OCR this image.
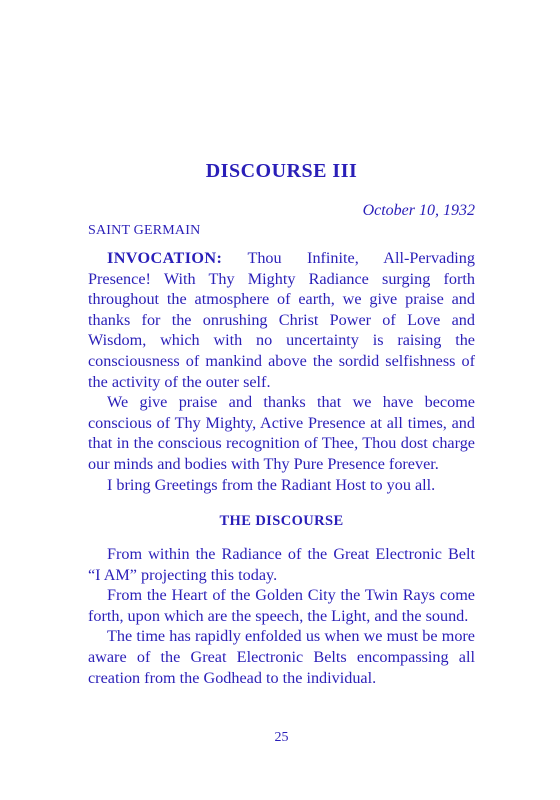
DISCOURSE III

October 10, 1932

SAINT GERMAIN

INVOCATION: Thou Infinite, All-Pervading Presence! With Thy Mighty Radiance surging forth throughout the atmosphere of earth, we give praise and thanks for the onrushing Christ Power of Love and Wisdom, which with no uncertainty is raising the consciousness of mankind above the sordid selfishness of the activity of the outer self.

We give praise and thanks that we have become conscious of Thy Mighty, Active Presence at all times, and that in the conscious recognition of Thee, Thou dost charge our minds and bodies with Thy Pure Presence forever.

I bring Greetings from the Radiant Host to you all.

THE DISCOURSE

From within the Radiance of the Great Electronic Belt “I AM” projecting this today.

From the Heart of the Golden City the Twin Rays come forth, upon which are the speech, the Light, and the sound.

The time has rapidly enfolded us when we must be more aware of the Great Electronic Belts encompassing all creation from the Godhead to the individual.

25
